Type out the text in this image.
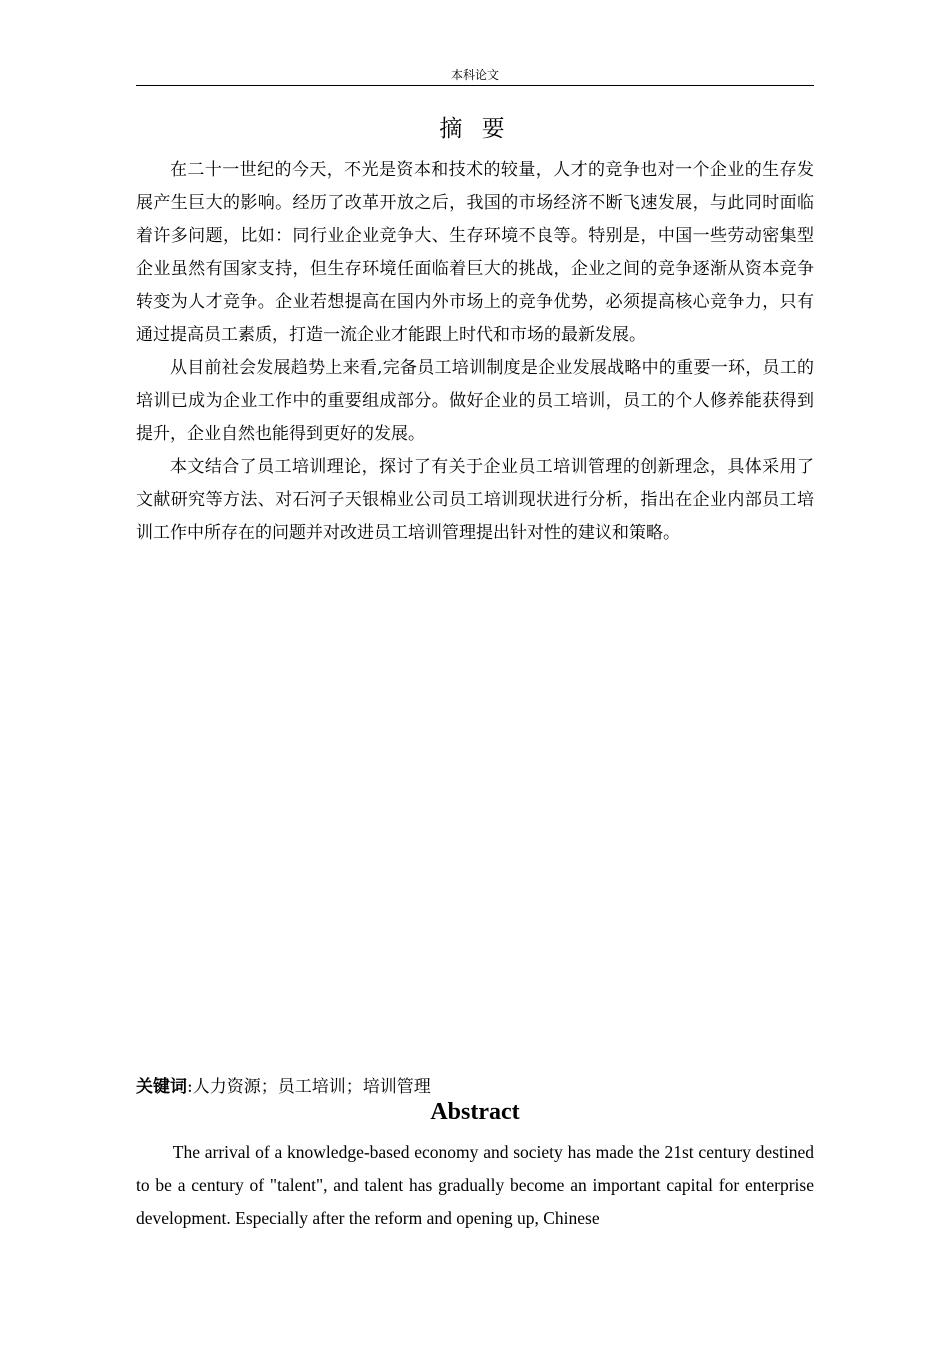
本科论文
摘 要

在二十一世纪的今天，不光是资本和技术的较量，人才的竞争也对一个企业的生存发展产生巨大的影响。经历了改革开放之后，我国的市场经济不断飞速发展，与此同时面临着许多问题，比如：同行业企业竞争大、生存环境不良等。特别是，中国一些劳动密集型企业虽然有国家支持，但生存环境任面临着巨大的挑战，企业之间的竞争逐渐从资本竞争转变为人才竞争。企业若想提高在国内外市场上的竞争优势，必须提高核心竞争力，只有通过提高员工素质，打造一流企业才能跟上时代和市场的最新发展。

从目前社会发展趋势上来看,完备员工培训制度是企业发展战略中的重要一环，员工的培训已成为企业工作中的重要组成部分。做好企业的员工培训，员工的个人修养能获得到提升，企业自然也能得到更好的发展。

本文结合了员工培训理论，探讨了有关于企业员工培训管理的创新理念，具体采用了文献研究等方法、对石河子天银棉业公司员工培训现状进行分析，指出在企业内部员工培训工作中所存在的问题并对改进员工培训管理提出针对性的建议和策略。

关键词:人力资源；员工培训；培训管理
Abstract

The arrival of a knowledge-based economy and society has made the 21st century destined to be a century of "talent", and talent has gradually become an important capital for enterprise development. Especially after the reform and opening up, Chinese
